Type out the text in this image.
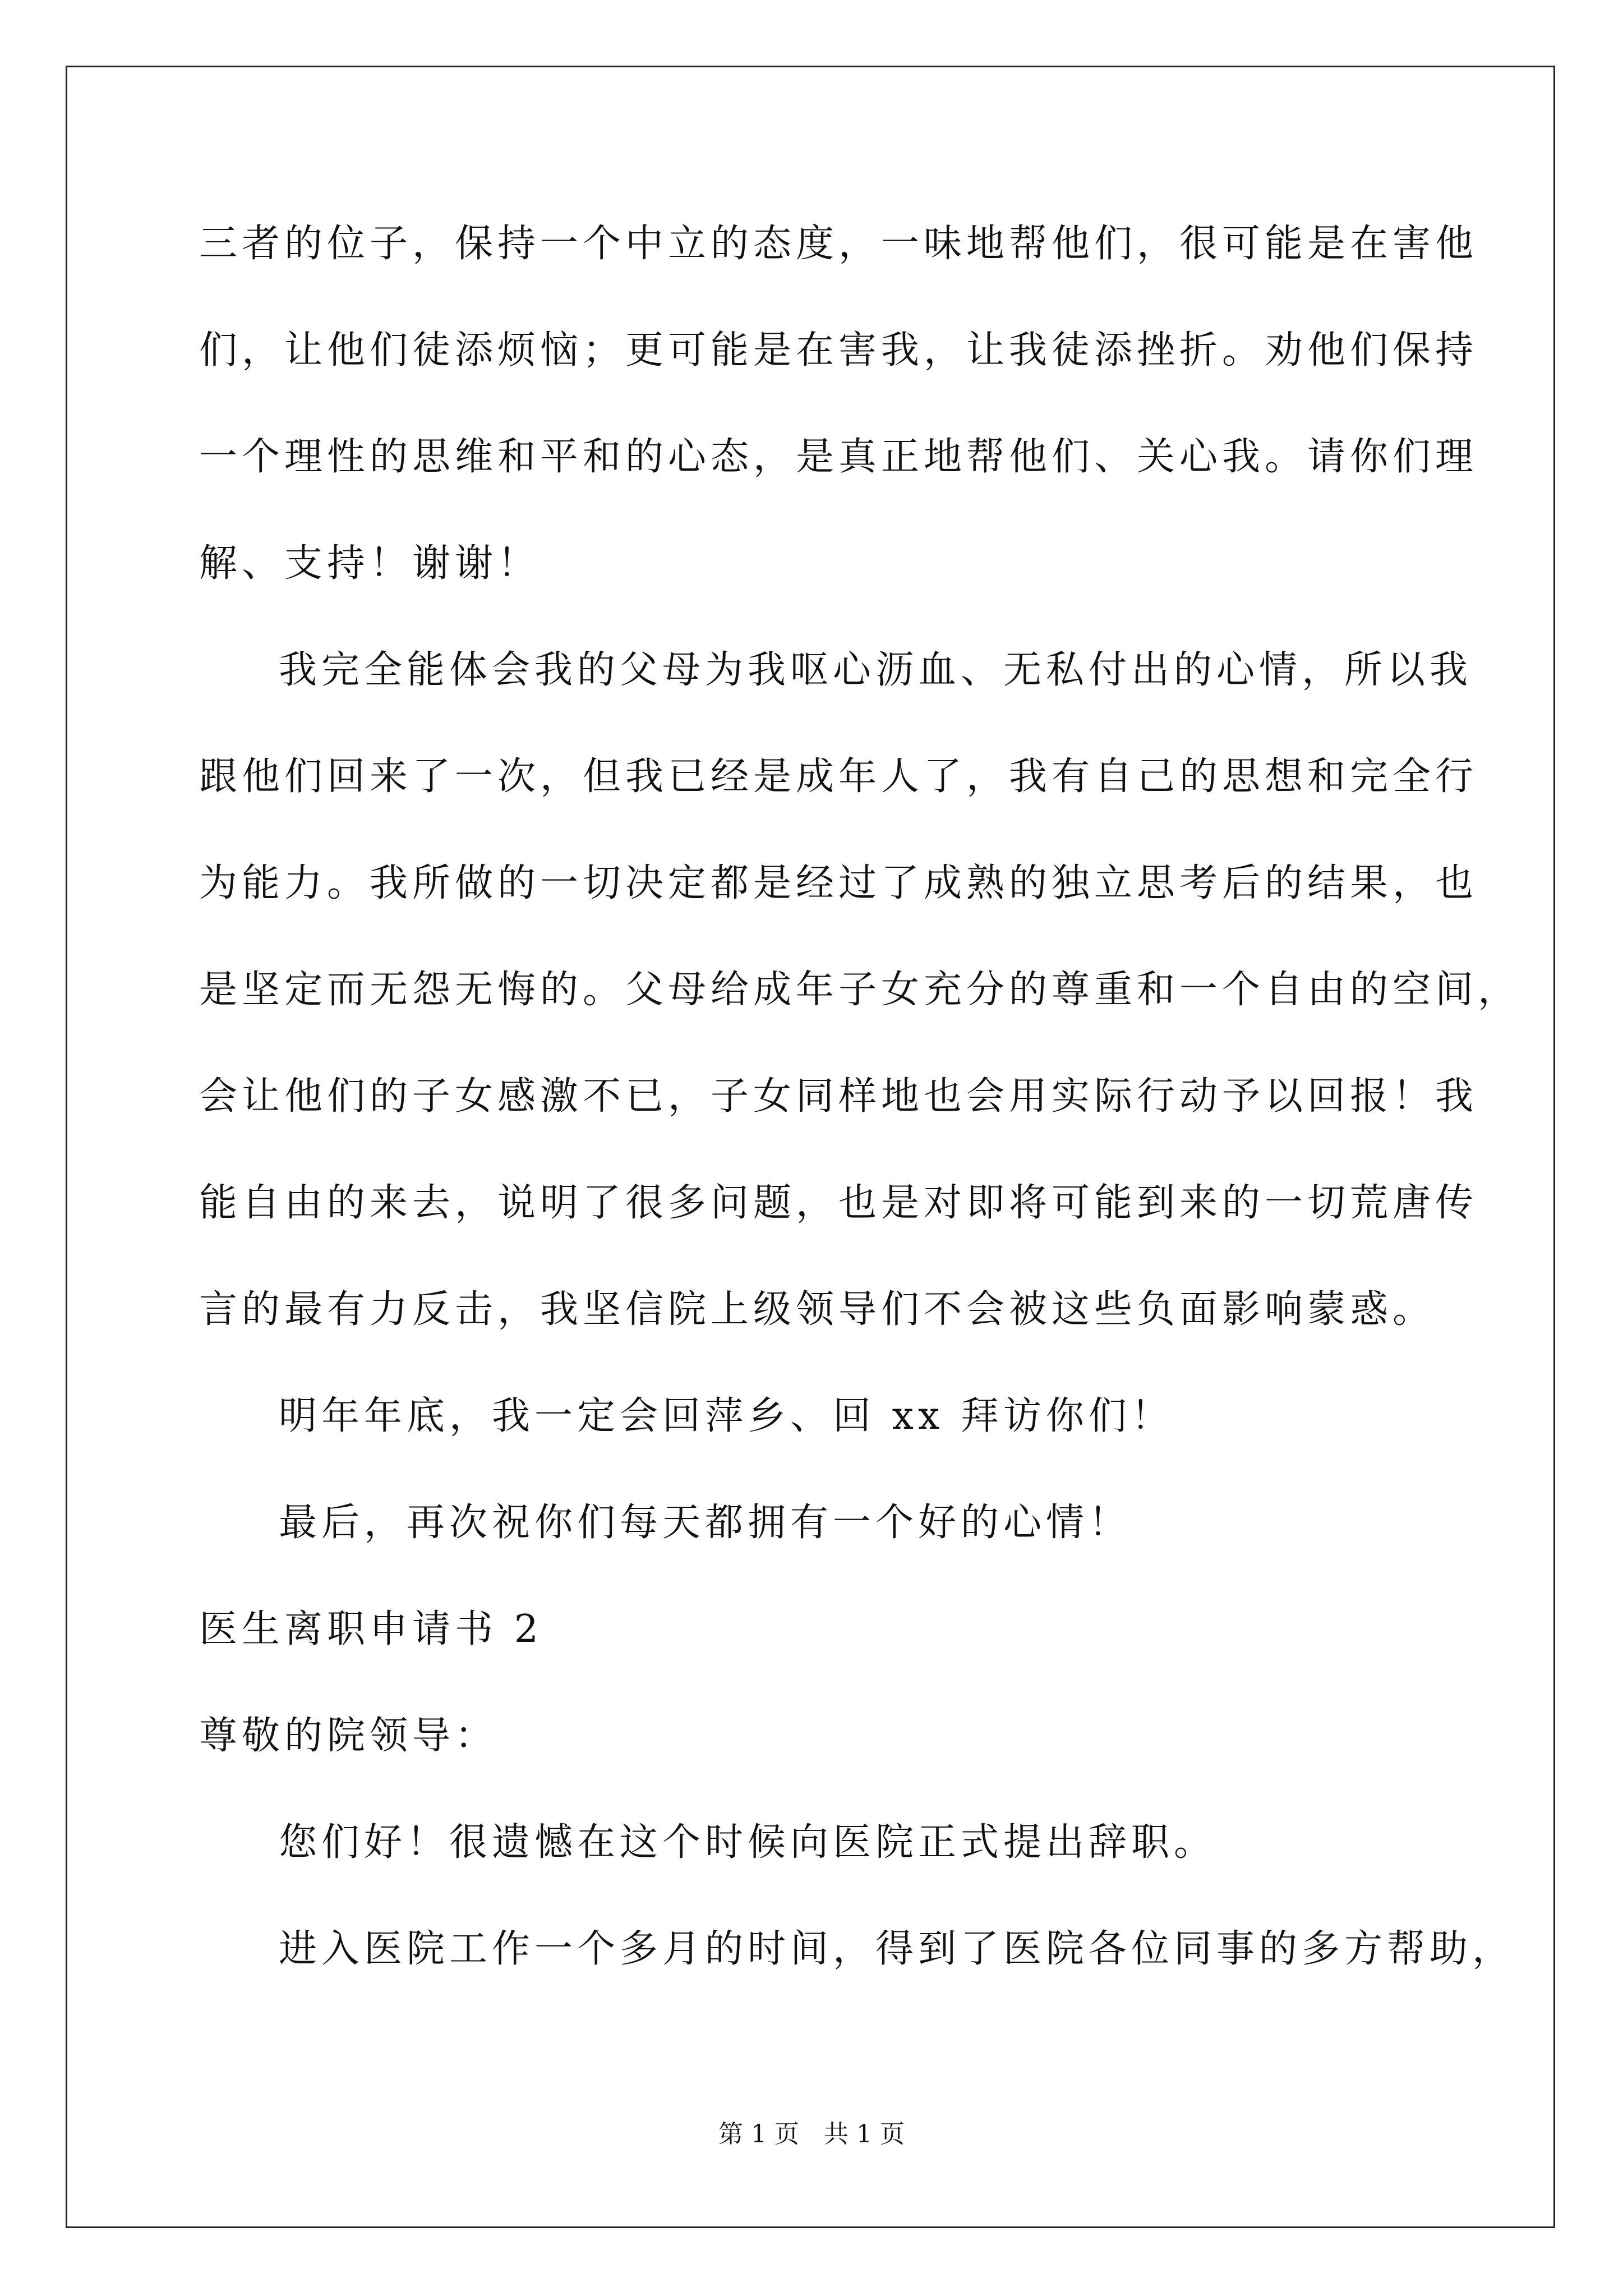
三者的位子，保持一个中立的态度，一味地帮他们，很可能是在害他
们，让他们徒添烦恼；更可能是在害我，让我徒添挫折。劝他们保持
一个理性的思维和平和的心态，是真正地帮他们、关心我。请你们理
解、支持！谢谢！
我完全能体会我的父母为我呕心沥血、无私付出的心情，所以我
跟他们回来了一次，但我已经是成年人了，我有自己的思想和完全行
为能力。我所做的一切决定都是经过了成熟的独立思考后的结果，也
是坚定而无怨无悔的。父母给成年子女充分的尊重和一个自由的空间，
会让他们的子女感激不已，子女同样地也会用实际行动予以回报！我
能自由的来去，说明了很多问题，也是对即将可能到来的一切荒唐传
言的最有力反击，我坚信院上级领导们不会被这些负面影响蒙惑。
明年年底，我一定会回萍乡、回 xx 拜访你们！
最后，再次祝你们每天都拥有一个好的心情！
医生离职申请书 2
尊敬的院领导：
您们好！很遗憾在这个时候向医院正式提出辞职。
进入医院工作一个多月的时间，得到了医院各位同事的多方帮助，
第 1 页　共 1 页
